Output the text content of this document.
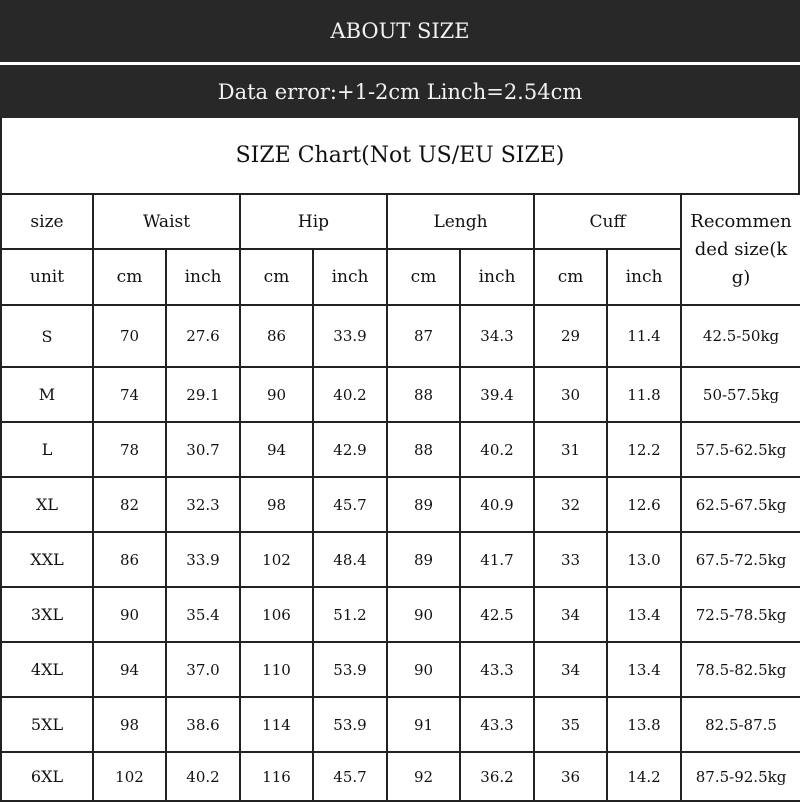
ABOUT SIZE
Data error:+1-2cm Linch=2.54cm
SIZE Chart(Not US/EU SIZE)
size	Waist		Hip		Lengh		Cuff		Recommended size(kg)
unit	cm	inch	cm	inch	cm	inch	cm	inch	
S	70	27.6	86	33.9	87	34.3	29	11.4	42.5-50kg
M	74	29.1	90	40.2	88	39.4	30	11.8	50-57.5kg
L	78	30.7	94	42.9	88	40.2	31	12.2	57.5-62.5kg
XL	82	32.3	98	45.7	89	40.9	32	12.6	62.5-67.5kg
XXL	86	33.9	102	48.4	89	41.7	33	13.0	67.5-72.5kg
3XL	90	35.4	106	51.2	90	42.5	34	13.4	72.5-78.5kg
4XL	94	37.0	110	53.9	90	43.3	34	13.4	78.5-82.5kg
5XL	98	38.6	114	53.9	91	43.3	35	13.8	82.5-87.5
6XL	102	40.2	116	45.7	92	36.2	36	14.2	87.5-92.5kg
